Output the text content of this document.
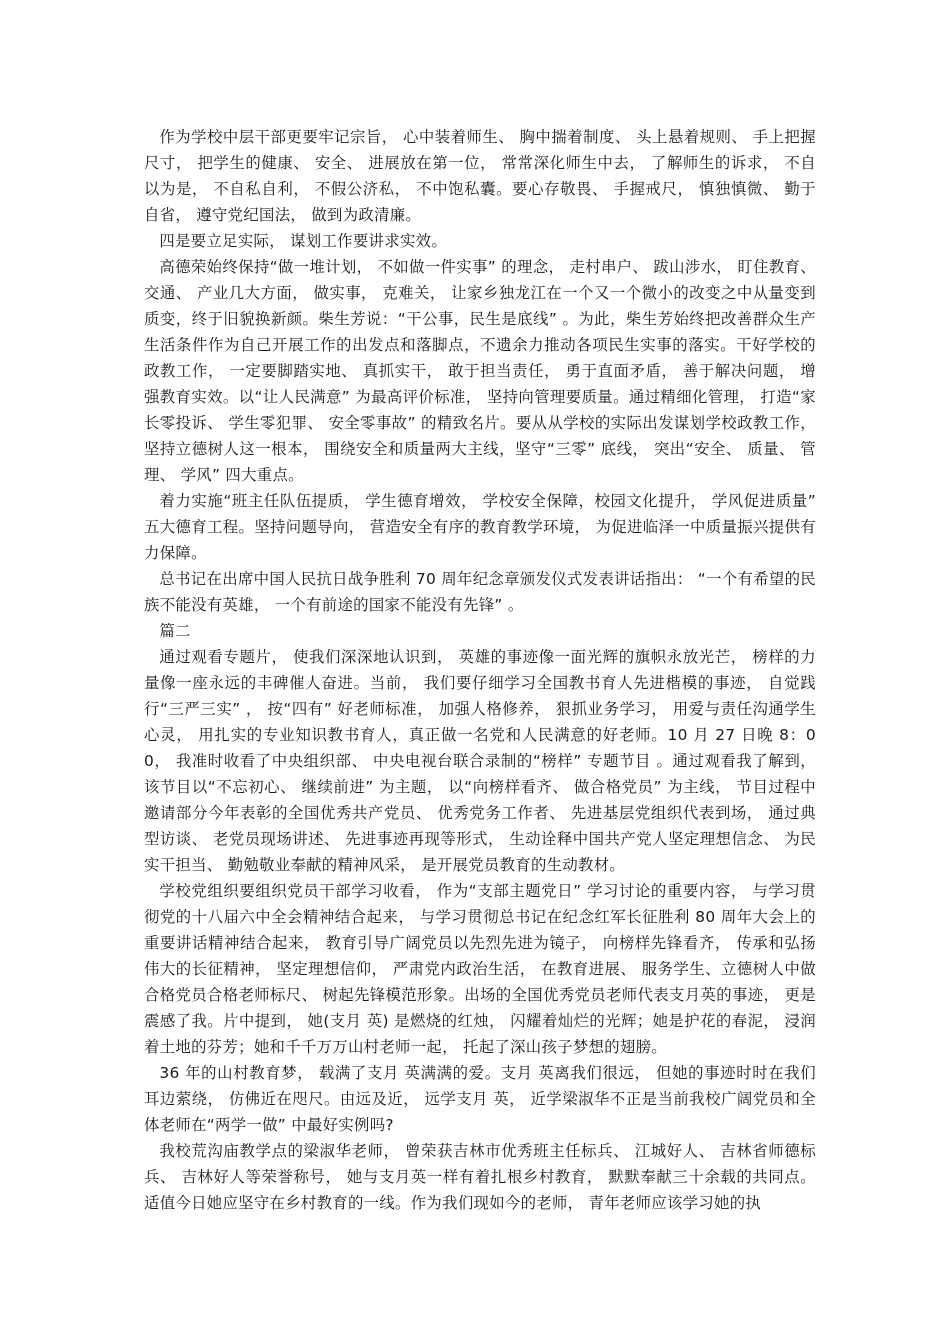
作为学校中层干部更要牢记宗旨， 心中装着师生、 胸中揣着制度、 头上悬着规则、 手上把握尺寸， 把学生的健康、 安全、 进展放在第一位， 常常深化师生中去， 了解师生的诉求， 不自以为是， 不自私自利， 不假公济私， 不中饱私囊。要心存敬畏、 手握戒尺， 慎独慎微、 勤于自省， 遵守党纪国法， 做到为政清廉。

四是要立足实际， 谋划工作要讲求实效。

高德荣始终保持“做一堆计划， 不如做一件实事” 的理念， 走村串户、 跋山涉水， 盯住教育、 交通、 产业几大方面， 做实事， 克难关， 让家乡独龙江在一个又一个微小的改变之中从量变到质变，终于旧貌换新颜。柴生芳说：“干公事，民生是底线” 。为此，柴生芳始终把改善群众生产生活条件作为自己开展工作的出发点和落脚点，不遗余力推动各项民生实事的落实。干好学校的政教工作， 一定要脚踏实地、 真抓实干， 敢于担当责任， 勇于直面矛盾， 善于解决问题， 增强教育实效。以“让人民满意” 为最高评价标准， 坚持向管理要质量。通过精细化管理， 打造“家长零投诉、 学生零犯罪、 安全零事故” 的精致名片。要从从学校的实际出发谋划学校政教工作， 坚持立德树人这一根本， 围绕安全和质量两大主线，坚守“三零” 底线， 突出“安全、 质量、 管理、 学风” 四大重点。

着力实施“班主任队伍提质， 学生德育增效， 学校安全保障，校园文化提升， 学风促进质量” 五大德育工程。坚持问题导向， 营造安全有序的教育教学环境， 为促进临泽一中质量振兴提供有力保障。

总书记在出席中国人民抗日战争胜利 70 周年纪念章颁发仪式发表讲话指出： “一个有希望的民族不能没有英雄， 一个有前途的国家不能没有先锋” 。

篇二

通过观看专题片， 使我们深深地认识到， 英雄的事迹像一面光辉的旗帜永放光芒， 榜样的力量像一座永远的丰碑催人奋进。当前， 我们要仔细学习全国教书育人先进楷模的事迹， 自觉践行“三严三实” ， 按“四有” 好老师标准， 加强人格修养， 狠抓业务学习， 用爱与责任沟通学生心灵， 用扎实的专业知识教书育人，真正做一名党和人民满意的好老师。10 月 27 日晚 8：00， 我准时收看了中央组织部、 中央电视台联合录制的“榜样” 专题节目 。通过观看我了解到， 该节目以“不忘初心、 继续前进” 为主题， 以“向榜样看齐、 做合格党员” 为主线， 节目过程中邀请部分今年表彰的全国优秀共产党员、 优秀党务工作者、 先进基层党组织代表到场， 通过典型访谈、 老党员现场讲述、 先进事迹再现等形式， 生动诠释中国共产党人坚定理想信念、 为民实干担当、 勤勉敬业奉献的精神风采， 是开展党员教育的生动教材。

学校党组织要组织党员干部学习收看， 作为“支部主题党日” 学习讨论的重要内容， 与学习贯彻党的十八届六中全会精神结合起来， 与学习贯彻总书记在纪念红军长征胜利 80 周年大会上的重要讲话精神结合起来， 教育引导广阔党员以先烈先进为镜子， 向榜样先锋看齐， 传承和弘扬伟大的长征精神， 坚定理想信仰， 严肃党内政治生活， 在教育进展、 服务学生、立德树人中做合格党员合格老师标尺、 树起先锋模范形象。出场的全国优秀党员老师代表支月英的事迹， 更是震感了我。片中提到， 她(支月 英) 是燃烧的红烛， 闪耀着灿烂的光辉；她是护花的春泥， 浸润着土地的芬芳；她和千千万万山村老师一起， 托起了深山孩子梦想的翅膀。

36 年的山村教育梦， 载满了支月 英满满的爱。支月 英离我们很远， 但她的事迹时时在我们耳边萦绕， 仿佛近在咫尺。由远及近， 远学支月 英， 近学梁淑华不正是当前我校广阔党员和全体老师在“两学一做” 中最好实例吗?

我校荒沟庙教学点的梁淑华老师， 曾荣获吉林市优秀班主任标兵、 江城好人、 吉林省师德标兵、 吉林好人等荣誉称号， 她与支月英一样有着扎根乡村教育， 默默奉献三十余载的共同点。适值今日她应坚守在乡村教育的一线。作为我们现如今的老师， 青年老师应该学习她的执
